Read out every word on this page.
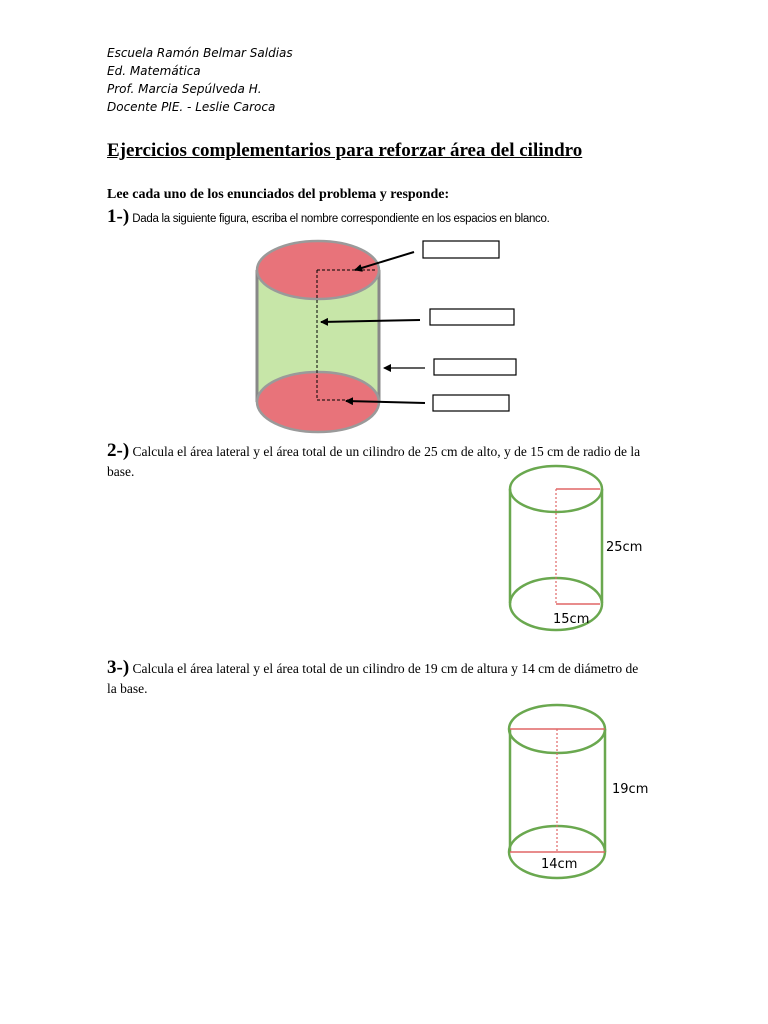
Escuela Ramón Belmar Saldias
Ed. Matemática
Prof. Marcia Sepúlveda H.
Docente PIE. - Leslie Caroca
Ejercicios complementarios para reforzar área del cilindro
Lee cada uno de los enunciados del problema y responde:
1-) Dada la siguiente figura, escriba el nombre correspondiente en los espacios en blanco.
2-) Calcula el área lateral y el área total de un cilindro de 25 cm de alto, y de 15 cm de radio de la base.
3-) Calcula el área lateral y el área total de un cilindro de 19 cm de altura y 14 cm de diámetro de la base.
25cm
15cm
19cm
14cm
